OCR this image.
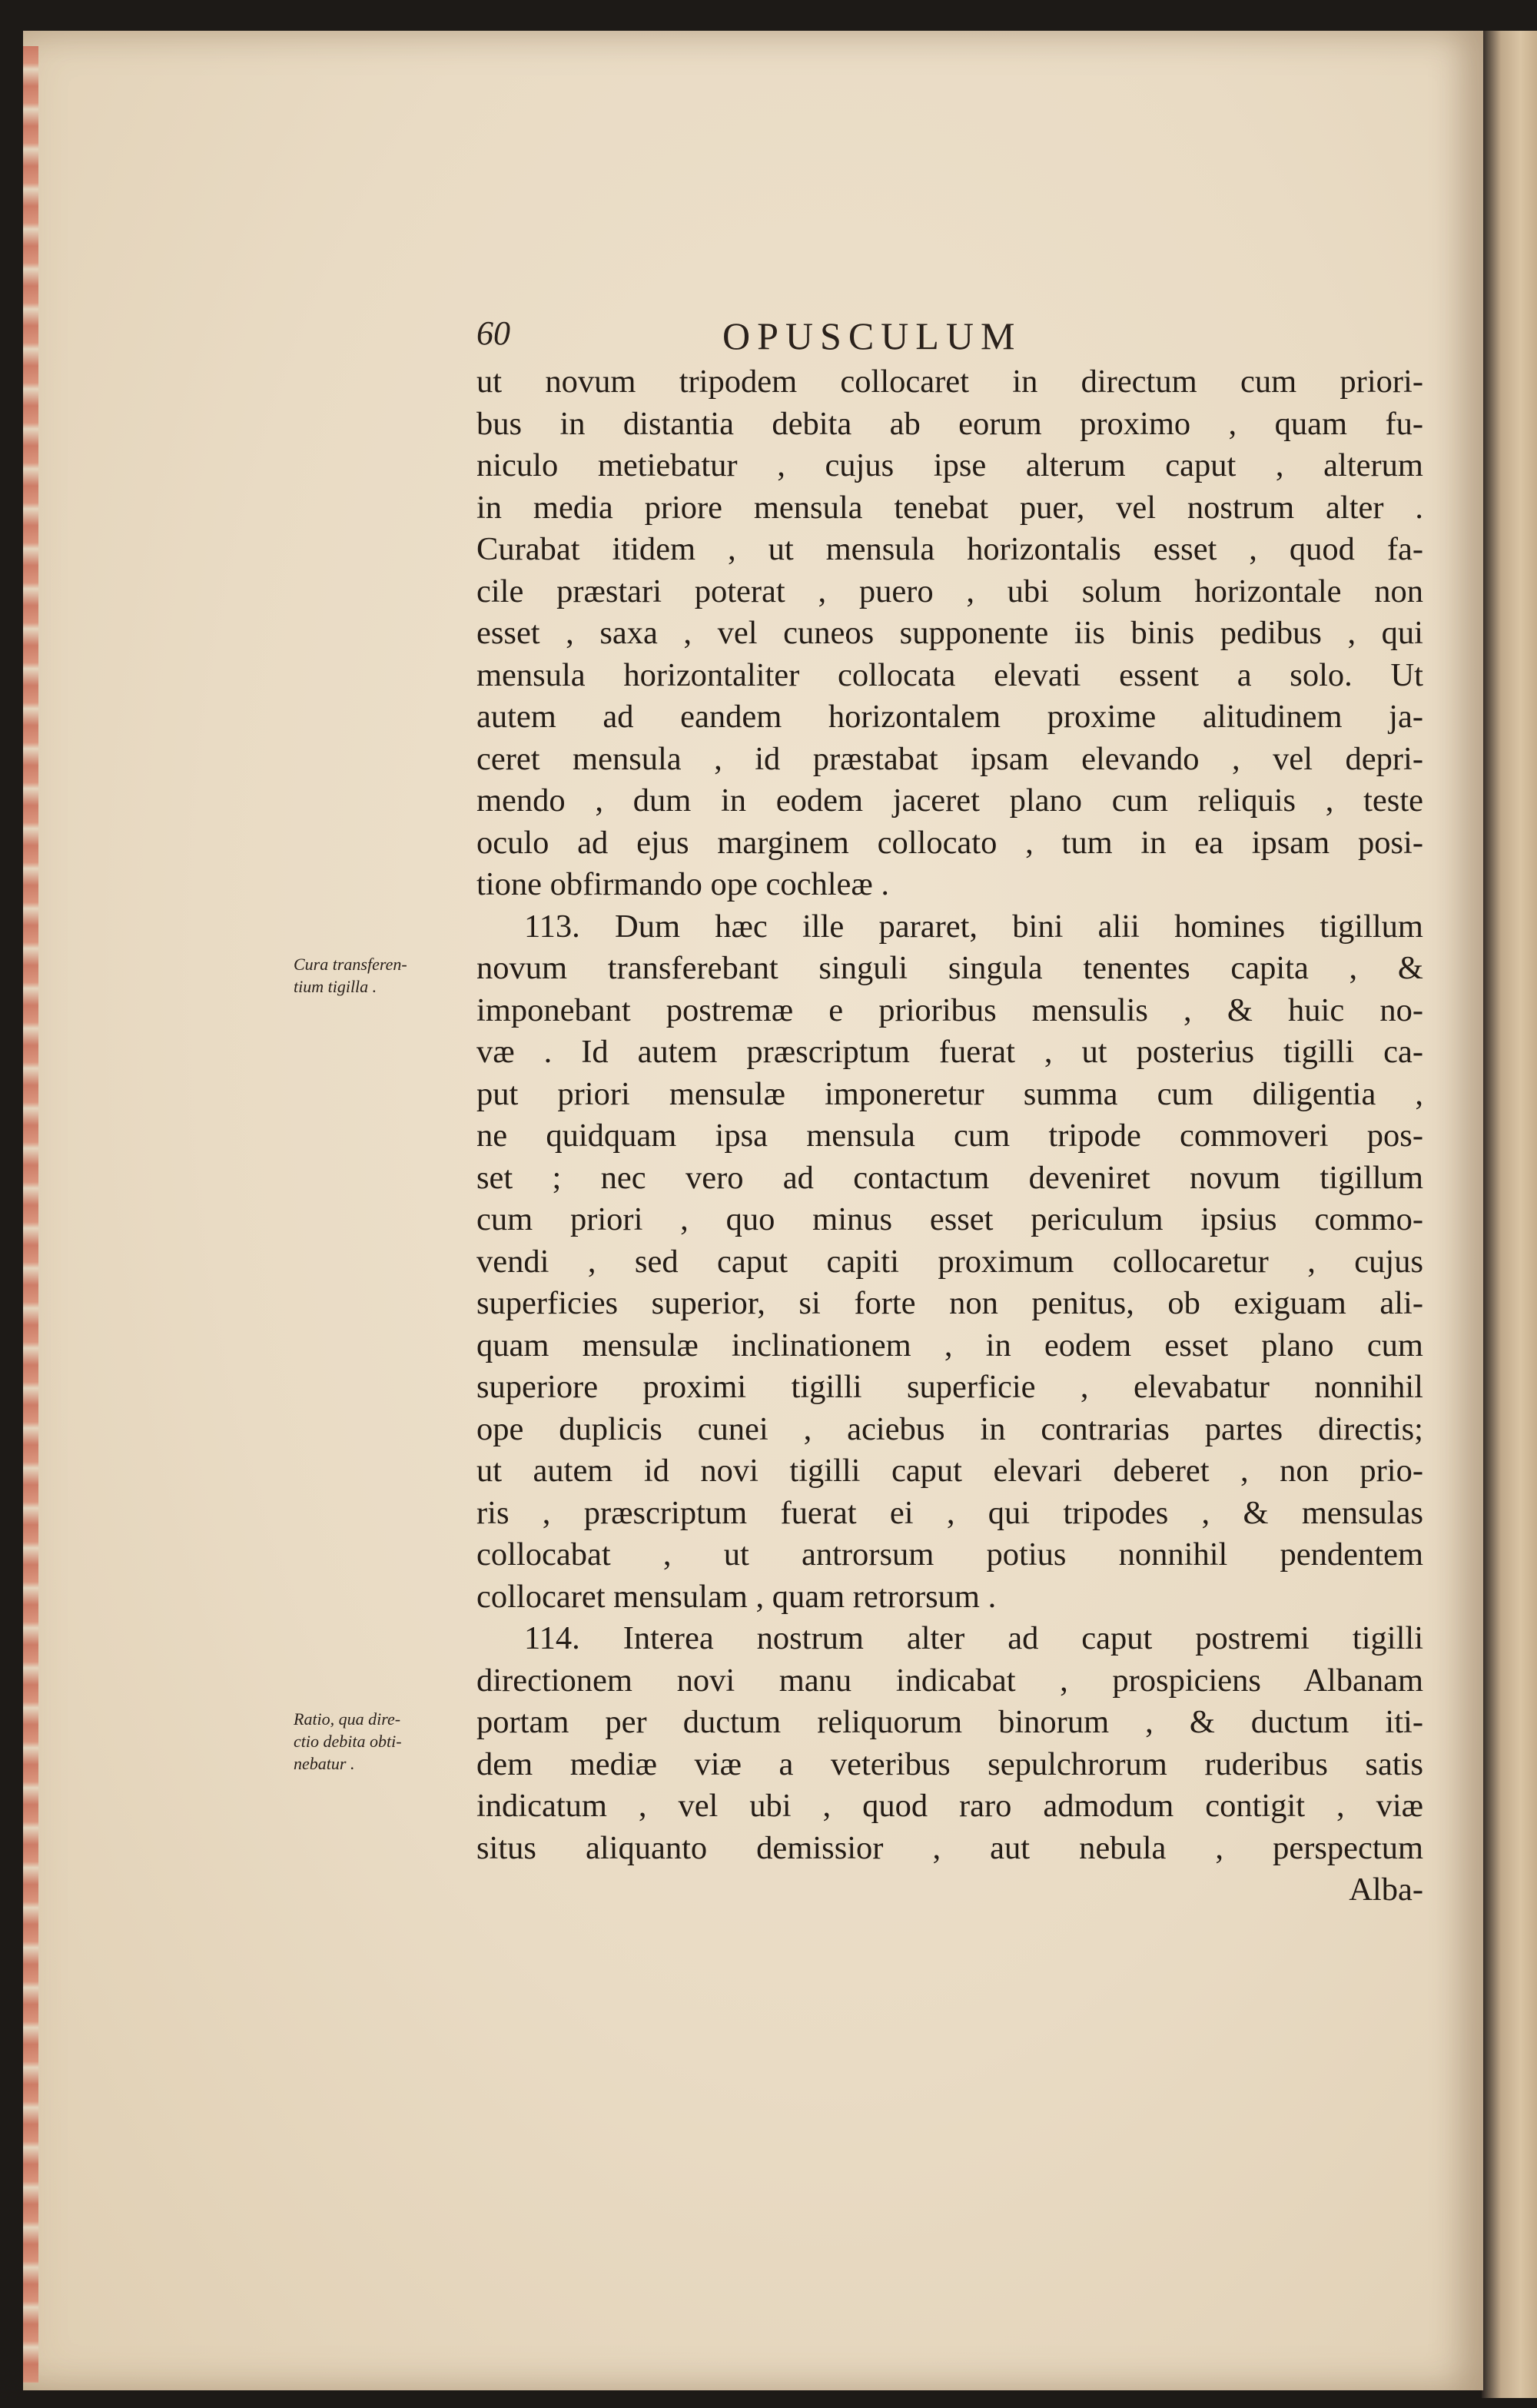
60	OPUSCULUM
Cura transferen-
tium tigilla .
Ratio, qua dire-
ctio debita obti-
nebatur .
ut novum tripodem collocaret in directum cum priori-
bus in distantia debita ab eorum proximo , quam fu-
niculo metiebatur , cujus ipse alterum caput , alterum
in media priore mensula tenebat puer, vel nostrum alter .
Curabat itidem , ut mensula horizontalis esset , quod fa-
cile præstari poterat , puero , ubi solum horizontale non
esset , saxa , vel cuneos supponente iis binis pedibus , qui
mensula horizontaliter collocata elevati essent a solo. Ut
autem ad eandem horizontalem proxime alitudinem ja-
ceret mensula , id præstabat ipsam elevando , vel depri-
mendo , dum in eodem jaceret plano cum reliquis , teste
oculo ad ejus marginem collocato , tum in ea ipsam posi-
tione obfirmando ope cochleæ .
113. Dum hæc ille pararet, bini alii homines tigillum
novum transferebant singuli singula tenentes capita , &
imponebant postremæ e prioribus mensulis , & huic no-
væ . Id autem præscriptum fuerat , ut posterius tigilli ca-
put priori mensulæ imponeretur summa cum diligentia ,
ne quidquam ipsa mensula cum tripode commoveri pos-
set ; nec vero ad contactum deveniret novum tigillum
cum priori , quo minus esset periculum ipsius commo-
vendi , sed caput capiti proximum collocaretur , cujus
superficies superior, si forte non penitus, ob exiguam ali-
quam mensulæ inclinationem , in eodem esset plano cum
superiore proximi tigilli superficie , elevabatur nonnihil
ope duplicis cunei , aciebus in contrarias partes directis;
ut autem id novi tigilli caput elevari deberet , non prio-
ris , præscriptum fuerat ei , qui tripodes , & mensulas
collocabat , ut antrorsum potius nonnihil pendentem
collocaret mensulam , quam retrorsum .
114. Interea nostrum alter ad caput postremi tigilli
directionem novi manu indicabat , prospiciens Albanam
portam per ductum reliquorum binorum , & ductum iti-
dem mediæ viæ a veteribus sepulchrorum ruderibus satis
indicatum , vel ubi , quod raro admodum contigit , viæ
situs aliquanto demissior , aut nebula , perspectum
Alba-
